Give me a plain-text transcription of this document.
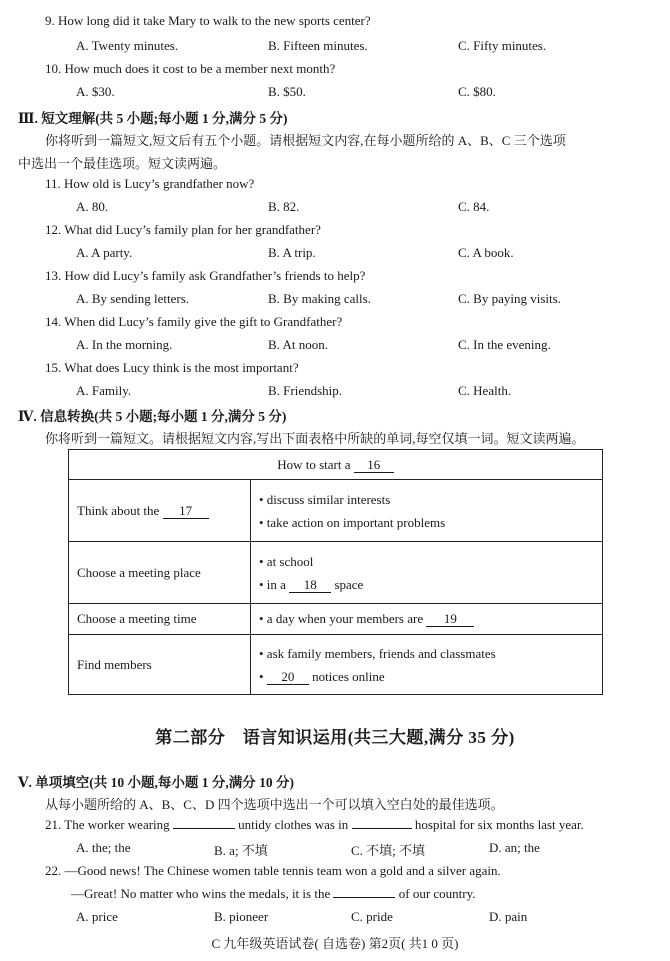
9. How long did it take Mary to walk to the new sports center?
A. Twenty minutes.	B. Fifteen minutes.	C. Fifty minutes.
10. How much does it cost to be a member next month?
A. $30.	B. $50.	C. $80.
Ⅲ. 短文理解(共 5 小题;每小题 1 分,满分 5 分)
你将听到一篇短文,短文后有五个小题。请根据短文内容,在每小题所给的 A、B、C 三个选项
中选出一个最佳选项。短文读两遍。
11. How old is Lucy’s grandfather now?
A. 80.	B. 82.	C. 84.
12. What did Lucy’s family plan for her grandfather?
A. A party.	B. A trip.	C. A book.
13. How did Lucy’s family ask Grandfather’s friends to help?
A. By sending letters.	B. By making calls.	C. By paying visits.
14. When did Lucy’s family give the gift to Grandfather?
A. In the morning.	B. At noon.	C. In the evening.
15. What does Lucy think is the most important?
A. Family.	B. Friendship.	C. Health.
Ⅳ. 信息转换(共 5 小题;每小题 1 分,满分 5 分)
你将听到一篇短文。请根据短文内容,写出下面表格中所缺的单词,每空仅填一词。短文读两遍。
How to start a 16	
Think about the 17	• discuss similar interests
• take action on important problems

Choose a meeting place	• at school
• in a 18 space

Choose a meeting time	• a day when your members are 19
Find members	• ask family members, friends and classmates
• 20 notices online
第二部分　语言知识运用(共三大题,满分 35 分)
Ⅴ. 单项填空(共 10 小题,每小题 1 分,满分 10 分)
从每小题所给的 A、B、C、D 四个选项中选出一个可以填入空白处的最佳选项。
21. The worker wearing	untidy clothes was in	hospital for six months last year.
A. the; the	B. a; 不填	C. 不填; 不填	D. an; the
22. —Good news! The Chinese women table tennis team won a gold and a silver again.
—Great! No matter who wins the medals, it is the	of our country.
A. price	B. pioneer	C. pride	D. pain
C 九年级英语试卷( 自选卷) 第2页( 共1 0 页)
